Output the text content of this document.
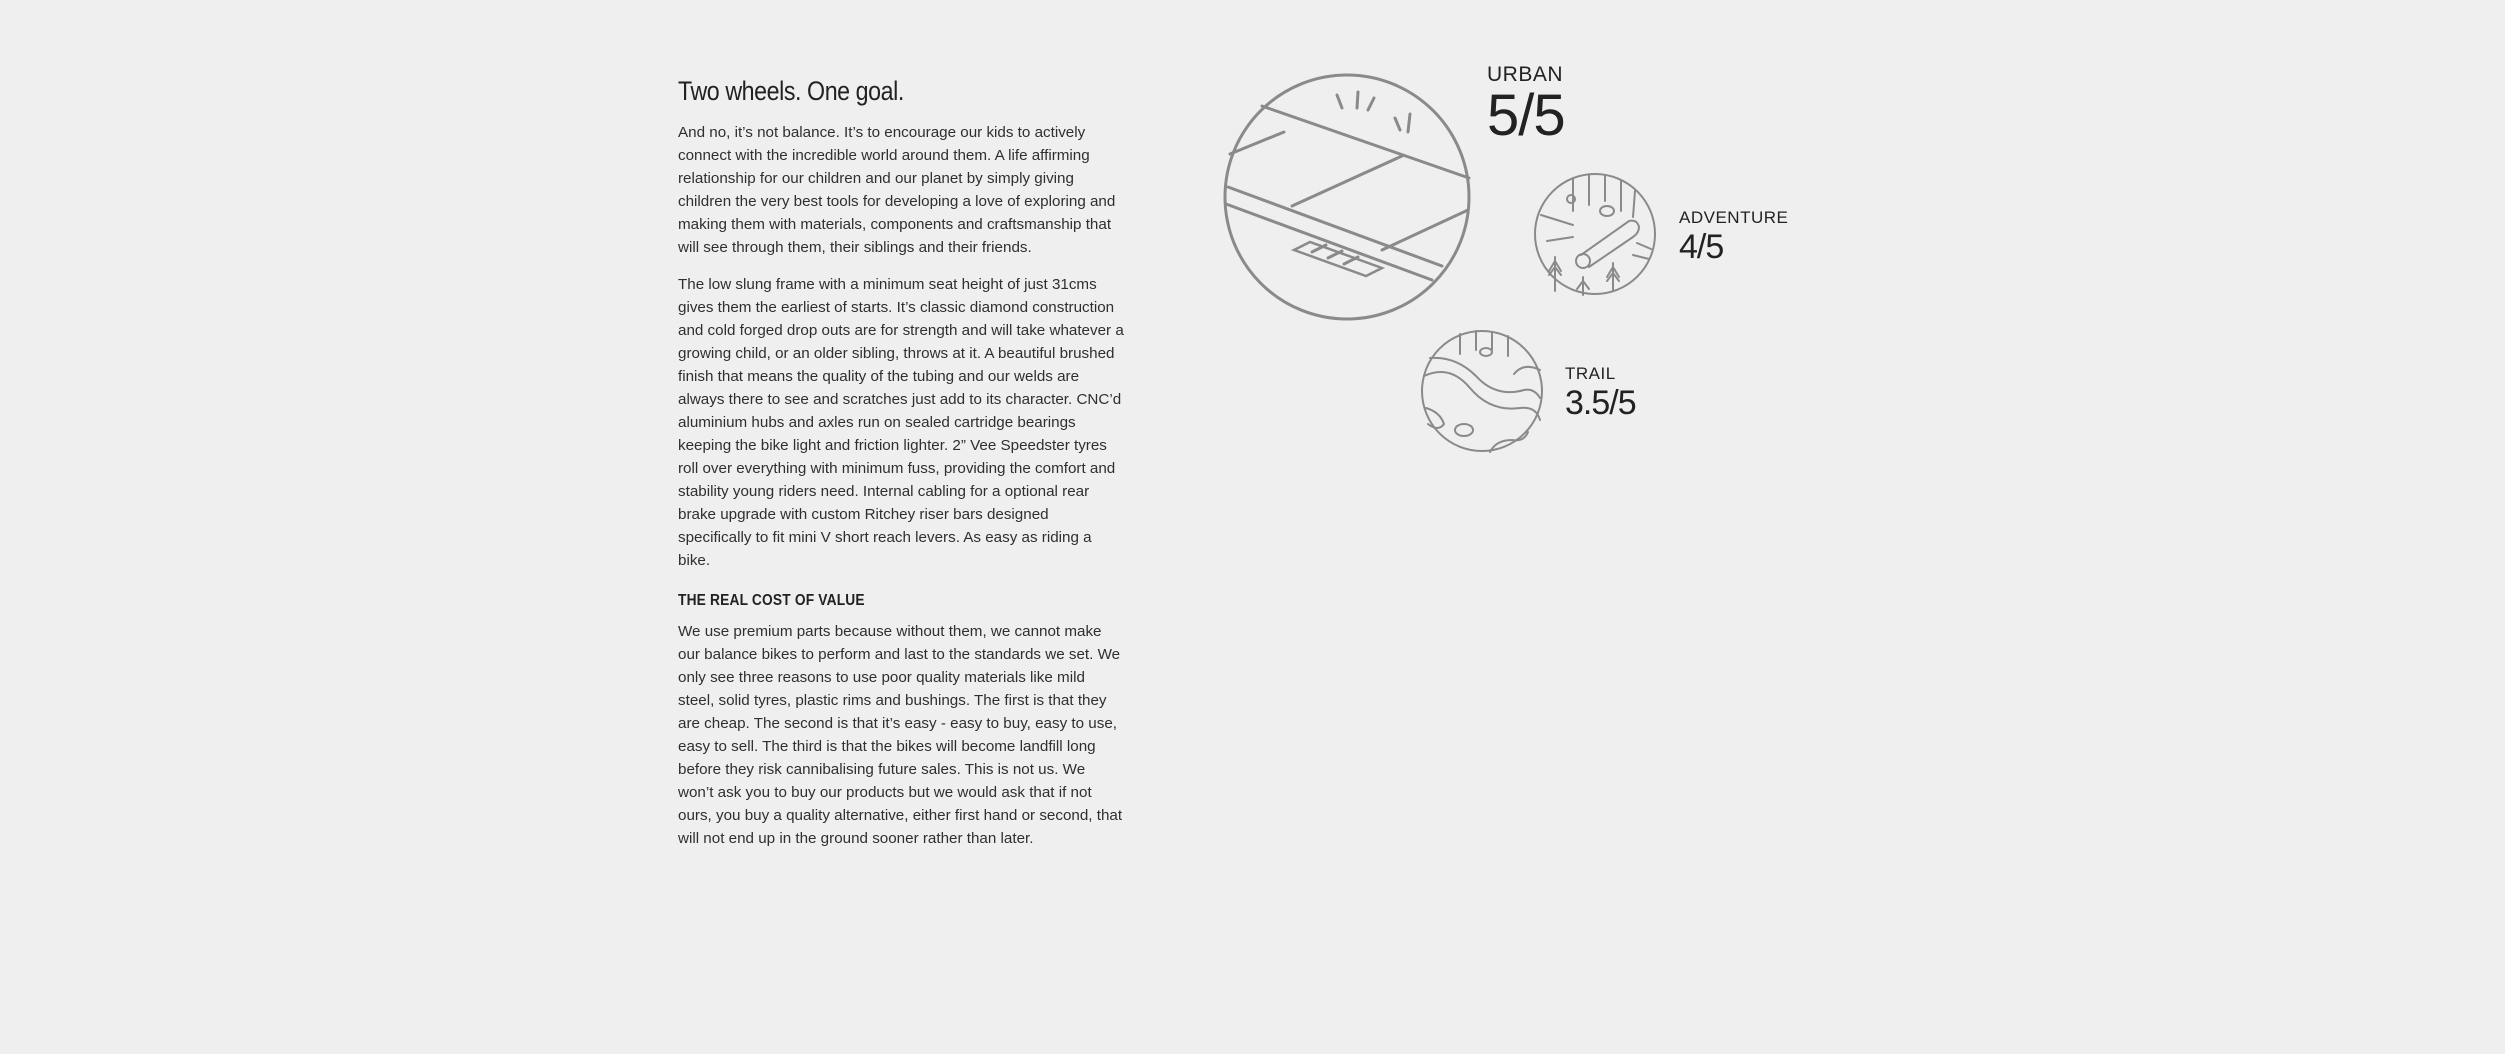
Two wheels. One goal.

And no, it’s not balance. It’s to encourage our kids to actively connect with the incredible world around them. A life affirming relationship for our children and our planet by simply giving children the very best tools for developing a love of exploring and making them with materials, components and craftsmanship that will see through them, their siblings and their friends.

The low slung frame with a minimum seat height of just 31cms gives them the earliest of starts. It’s classic diamond construction and cold forged drop outs are for strength and will take whatever a growing child, or an older sibling, throws at it. A beautiful brushed finish that means the quality of the tubing and our welds are always there to see and scratches just add to its character. CNC’d aluminium hubs and axles run on sealed cartridge bearings keeping the bike light and friction lighter. 2” Vee Speedster tyres roll over everything with minimum fuss, providing the comfort and stability young riders need. Internal cabling for a optional rear brake upgrade with custom Ritchey riser bars designed specifically to fit mini V short reach levers. As easy as riding a bike.

THE REAL COST OF VALUE

We use premium parts because without them, we cannot make our balance bikes to perform and last to the standards we set. We only see three reasons to use poor quality materials like mild steel, solid tyres, plastic rims and bushings. The first is that they are cheap. The second is that it’s easy - easy to buy, easy to use, easy to sell. The third is that the bikes will become landfill long before they risk cannibalising future sales. This is not us. We won’t ask you to buy our products but we would ask that if not ours, you buy a quality alternative, either first hand or second, that will not end up in the ground sooner rather than later.

URBAN
5/5
ADVENTURE
4/5
TRAIL
3.5/5
